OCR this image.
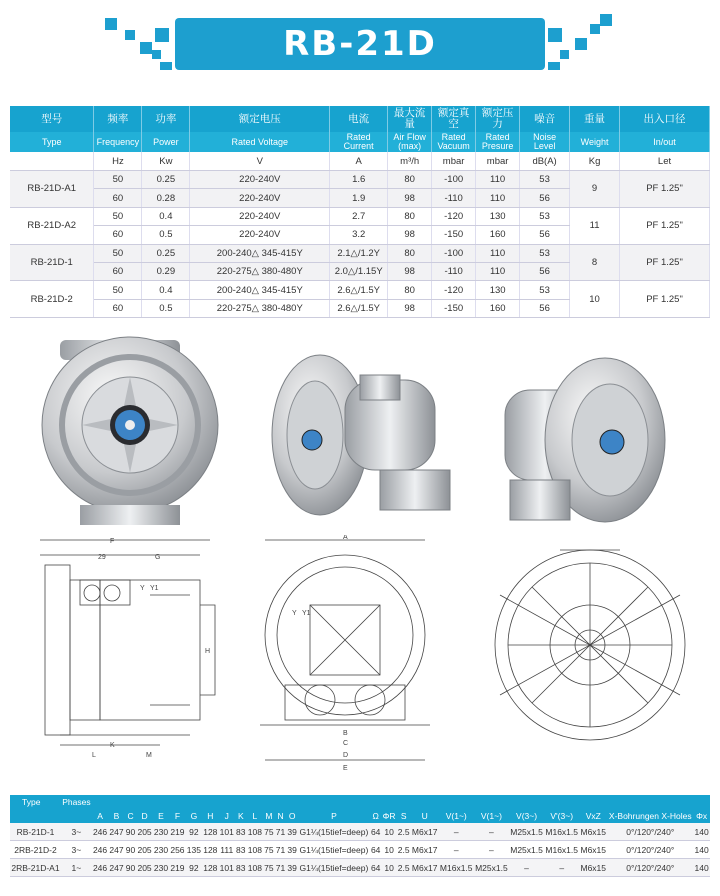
RB-21D
型号	频率	功率	额定电压	电流	最大流量	额定真空	额定压力	噪音	重量	出入口径
Type	Frequency	Power	Rated Voltage	Rated Current	Air Flow (max)	Rated Vacuum	Rated Presure	Noise Level	Weight	In/out
	Hz	Kw	V	A	m³/h	mbar	mbar	dB(A)	Kg	Let
RB-21D-A1	50	0.25	220-240V	1.6	80	-100	110	53	9	PF 1.25"
	60	0.28	220-240V	1.9	98	-110	110	56		
RB-21D-A2	50	0.4	220-240V	2.7	80	-120	130	53	11	PF 1.25"
	60	0.5	220-240V	3.2	98	-150	160	56		
RB-21D-1	50	0.25	200-240△ 345-415Y	2.1△/1.2Y	80	-100	110	53	8	PF 1.25"
	60	0.29	220-275△ 380-480Y	2.0△/1.15Y	98	-110	110	56		
RB-21D-2	50	0.4	200-240△ 345-415Y	2.6△/1.5Y	80	-120	130	53	10	PF 1.25"
	60	0.5	220-275△ 380-480Y	2.6△/1.5Y	98	-150	160	56		
F
29	G
Y Y1
H
L
K
M
A
B
C
D
E
Y Y1
Type	Phases																										
		A	B	C	D	E	F	G	H	J	K	L	M	N	O	P	Ω	ΦR	S	U	V(1~)	V(1~)	V(3~)	V'(3~)	VxZ	X-Bohrungen X-Holes	Φx
RB-21D-1	3~	246	247	90	205	230	219	92	128	101	83	108	75	71	39	G1¼(15tief=deep)	64	10	2.5	M6x17	–	–	M25x1.5	M16x1.5	M6x15	0°/120°/240°	140
2RB-21D-2	3~	246	247	90	205	230	256	135	128	111	83	108	75	71	39	G1¼(15tief=deep)	64	10	2.5	M6x17	–	–	M25x1.5	M16x1.5	M6x15	0°/120°/240°	140
2RB-21D-A1	1~	246	247	90	205	230	219	92	128	101	83	108	75	71	39	G1¼(15tief=deep)	64	10	2.5	M6x17	M16x1.5	M25x1.5	–	–	M6x15	0°/120°/240°	140
